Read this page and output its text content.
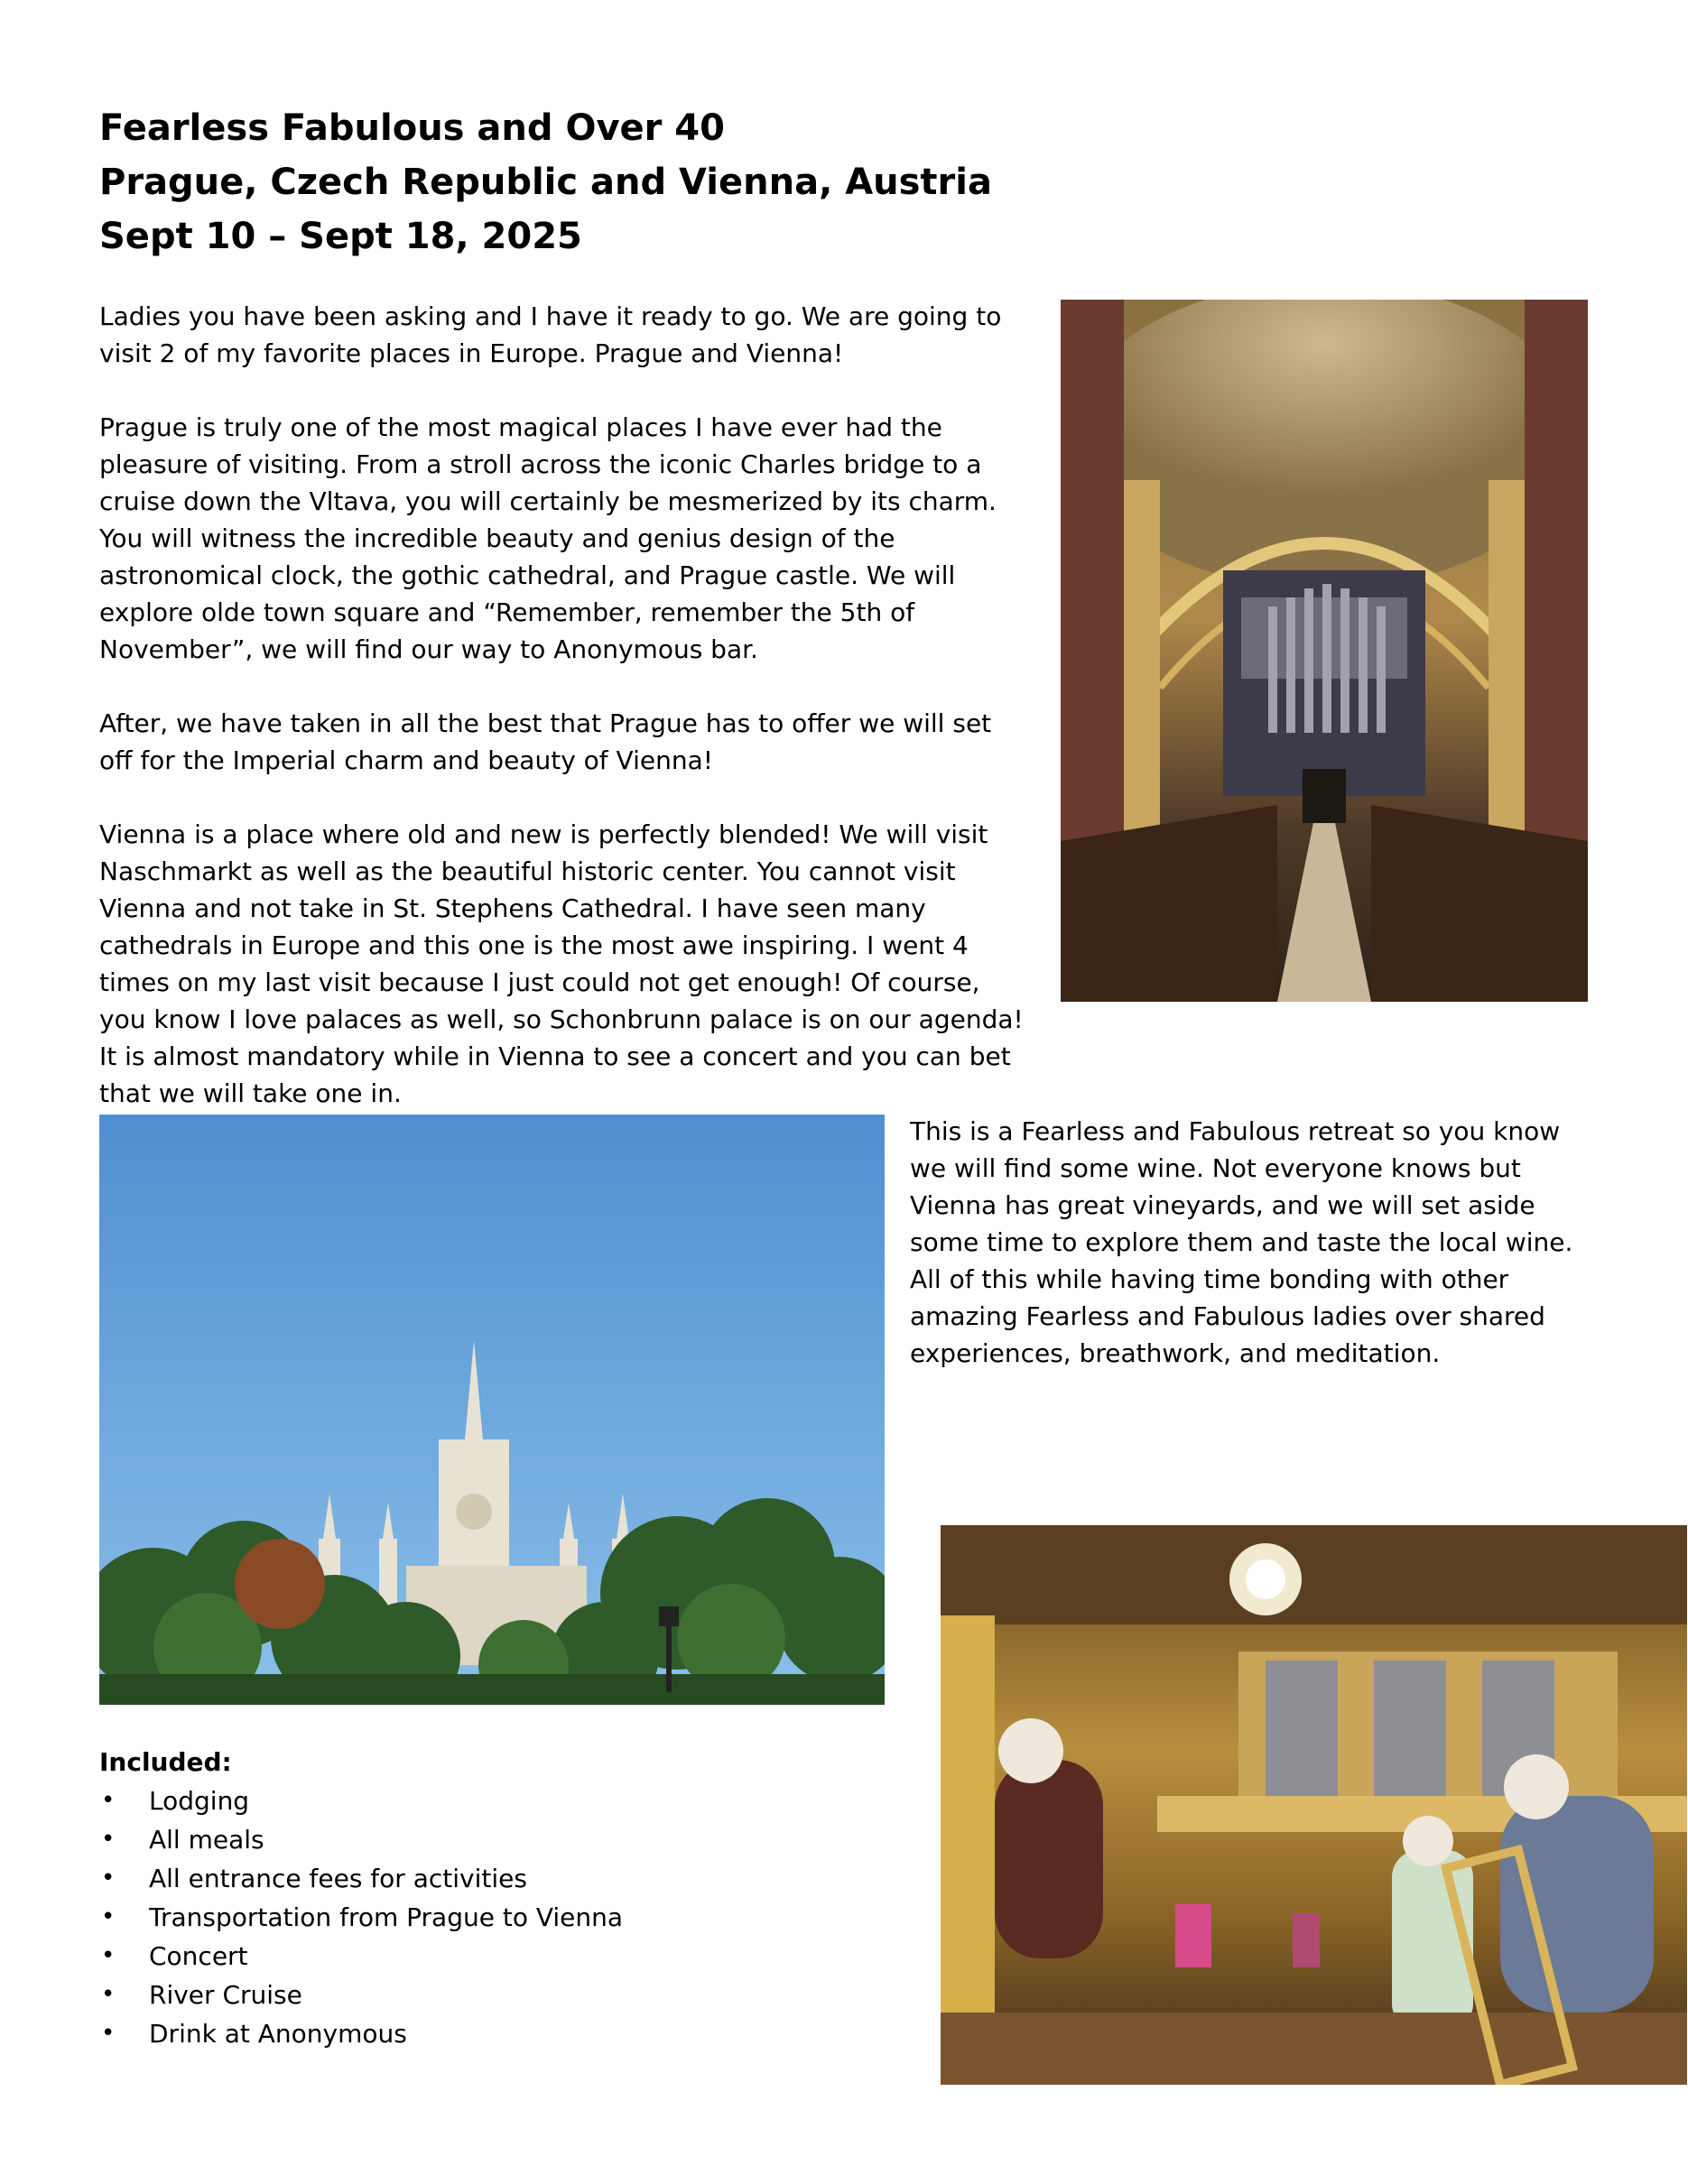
Fearless Fabulous and Over 40
Prague, Czech Republic and Vienna, Austria
Sept 10 – Sept 18, 2025

Ladies you have been asking and I have it ready to go. We are going to visit 2 of my favorite places in Europe. Prague and Vienna!

Prague is truly one of the most magical places I have ever had the pleasure of visiting. From a stroll across the iconic Charles bridge to a cruise down the Vltava, you will certainly be mesmerized by its charm. You will witness the incredible beauty and genius design of the astronomical clock, the gothic cathedral, and Prague castle. We will explore olde town square and “Remember, remember the 5th of November”, we will find our way to Anonymous bar.

After, we have taken in all the best that Prague has to offer we will set off for the Imperial charm and beauty of Vienna!

Vienna is a place where old and new is perfectly blended! We will visit Naschmarkt as well as the beautiful historic center. You cannot visit Vienna and not take in St. Stephens Cathedral. I have seen many cathedrals in Europe and this one is the most awe inspiring. I went 4 times on my last visit because I just could not get enough! Of course, you know I love palaces as well, so Schonbrunn palace is on our agenda! It is almost mandatory while in Vienna to see a concert and you can bet that we will take one in.

This is a Fearless and Fabulous retreat so you know we will find some wine. Not everyone knows but Vienna has great vineyards, and we will set aside some time to explore them and taste the local wine.

All of this while having time bonding with other amazing Fearless and Fabulous ladies over shared experiences, breathwork, and meditation.

Included:
• Lodging
• All meals
• All entrance fees for activities
• Transportation from Prague to Vienna
• Concert
• River Cruise
• Drink at Anonymous
